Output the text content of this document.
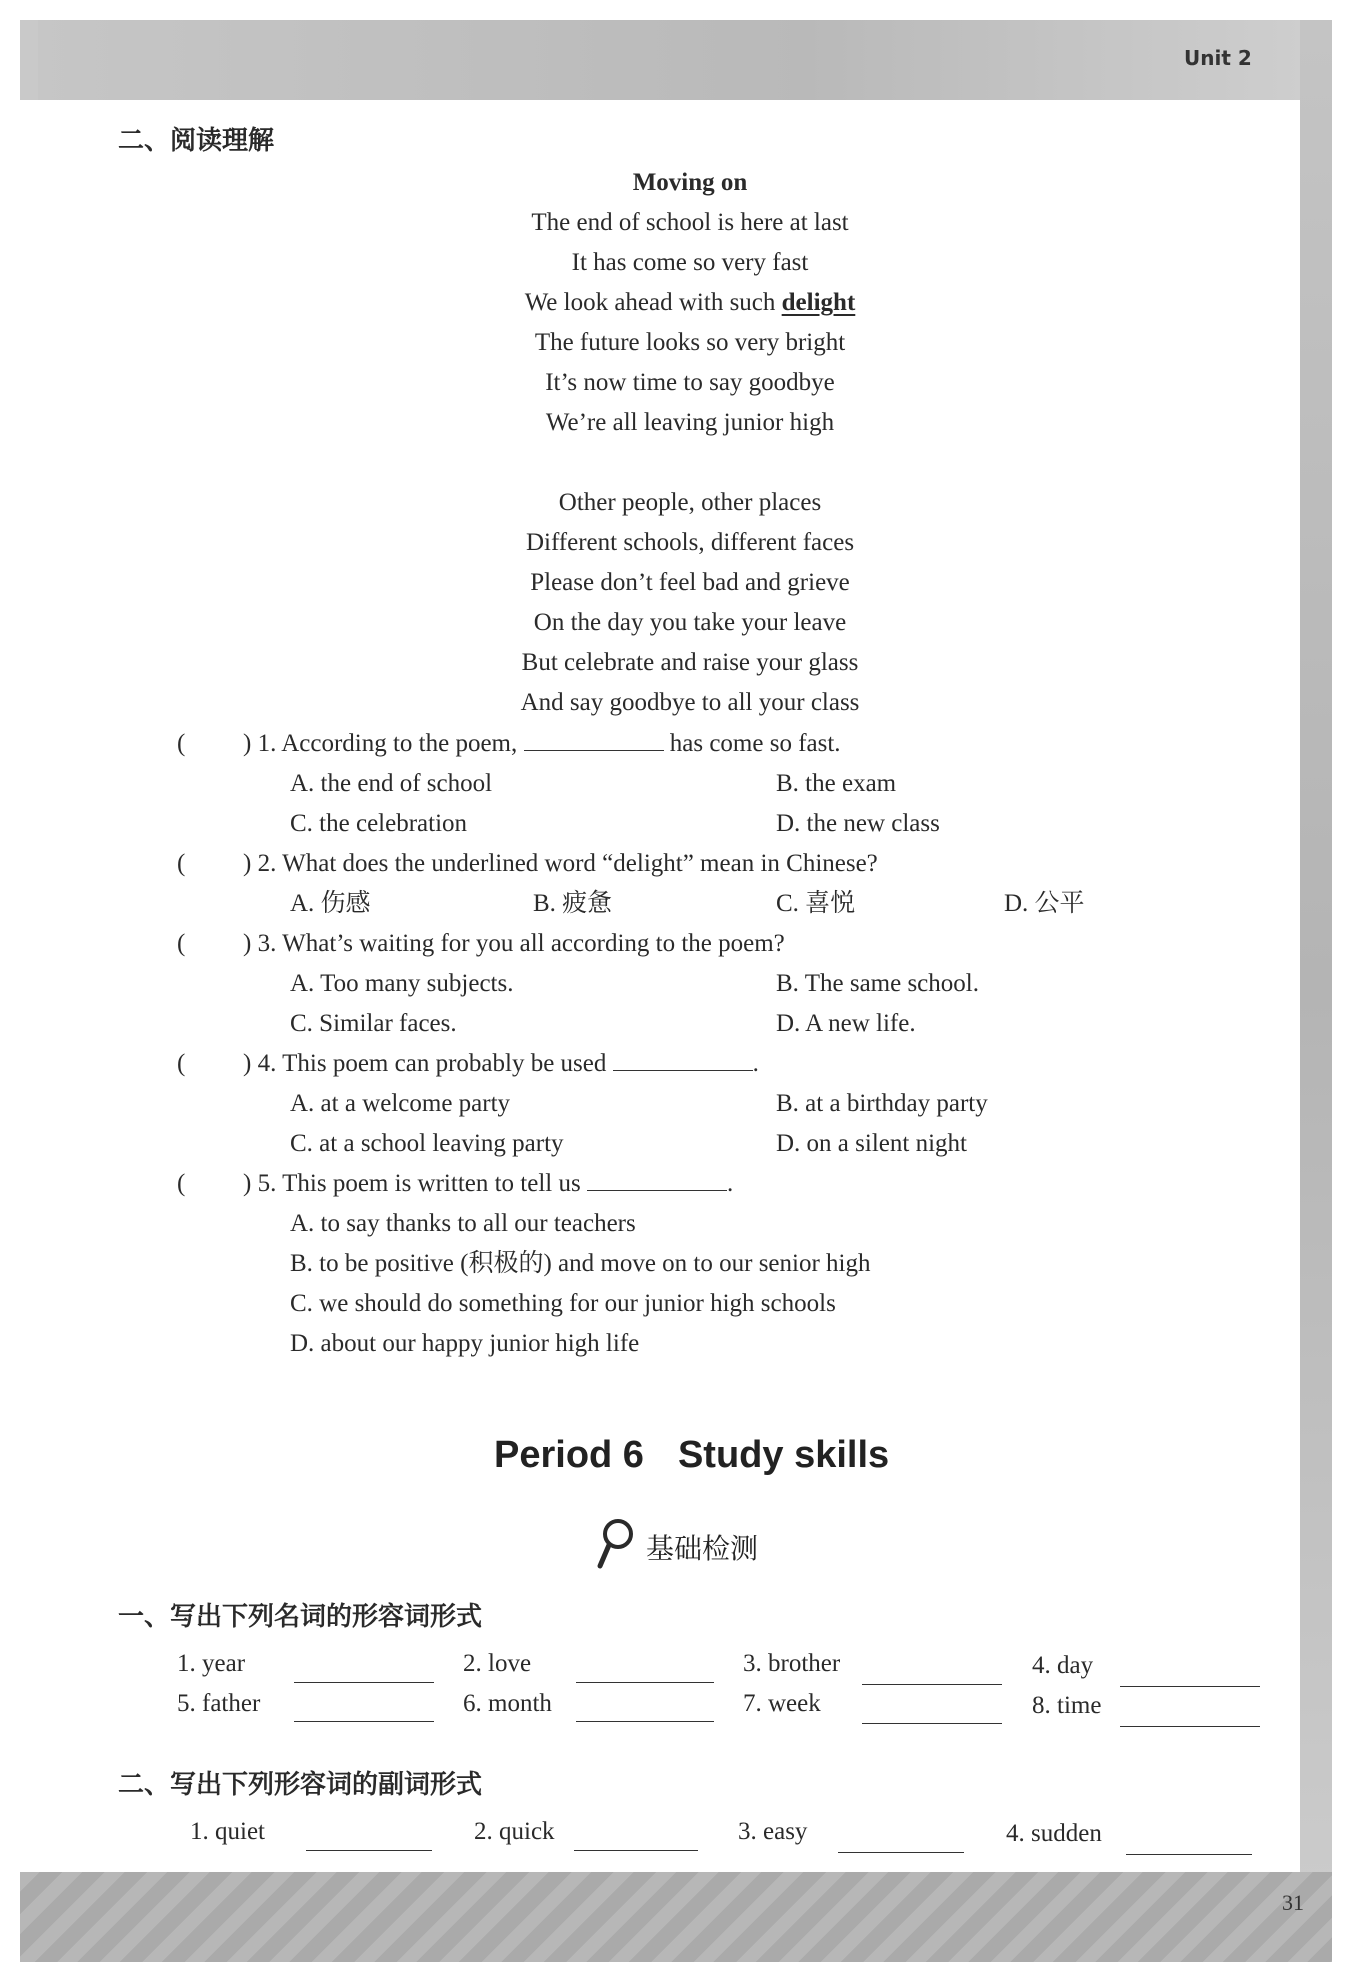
Unit 2
31
二、阅读理解
Moving on
The end of school is here at last
It has come so very fast
We look ahead with such delight
The future looks so very bright
It’s now time to say goodbye
We’re all leaving junior high
Other people, other places
Different schools, different faces
Please don’t feel bad and grieve
On the day you take your leave
But celebrate and raise your glass
And say goodbye to all your class
( ) 1. According to the poem,	has come so fast.
A. the end of school	B. the exam
C. the celebration	D. the new class
( ) 2. What does the underlined word “delight” mean in Chinese?
A. 伤感	B. 疲惫	C. 喜悦	D. 公平
( ) 3. What’s waiting for you all according to the poem?
A. Too many subjects.	B. The same school.
C. Similar faces.	D. A new life.
( ) 4. This poem can probably be used	.
A. at a welcome party	B. at a birthday party
C. at a school leaving party	D. on a silent night
( ) 5. This poem is written to tell us	.
A. to say thanks to all our teachers
B. to be positive (积极的) and move on to our senior high
C. we should do something for our junior high schools
D. about our happy junior high life
Period 6 Study skills
基础检测
一、写出下列名词的形容词形式
1. year	2. love	3. brother	4. day
5. father	6. month	7. week	8. time
二、写出下列形容词的副词形式
1. quiet	2. quick	3. easy	4. sudden
